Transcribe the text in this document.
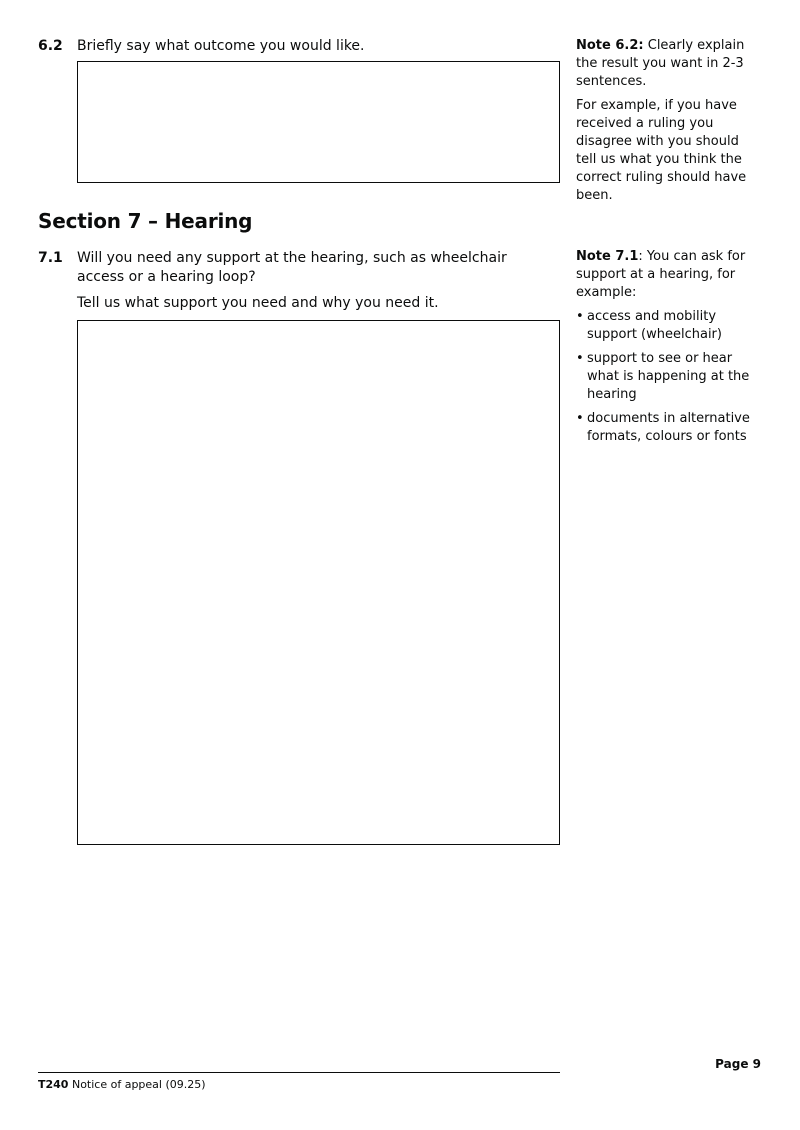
6.2 Briefly say what outcome you would like.	Note 6.2: Clearly explain the result you want in 2-3 sentences.

For example, if you have received a ruling you disagree with you should tell us what you think the correct ruling should have been.

Section 7 – Hearing
7.1 Will you need any support at the hearing, such as wheelchair access or a hearing loop?
Tell us what support you need and why you need it.

Note 7.1: You can ask for support at a hearing, for example:

• access and mobility support (wheelchair)
• support to see or hear what is happening at the hearing
• documents in alternative formats, colours or fonts
Page 9
T240 Notice of appeal (09.25)
